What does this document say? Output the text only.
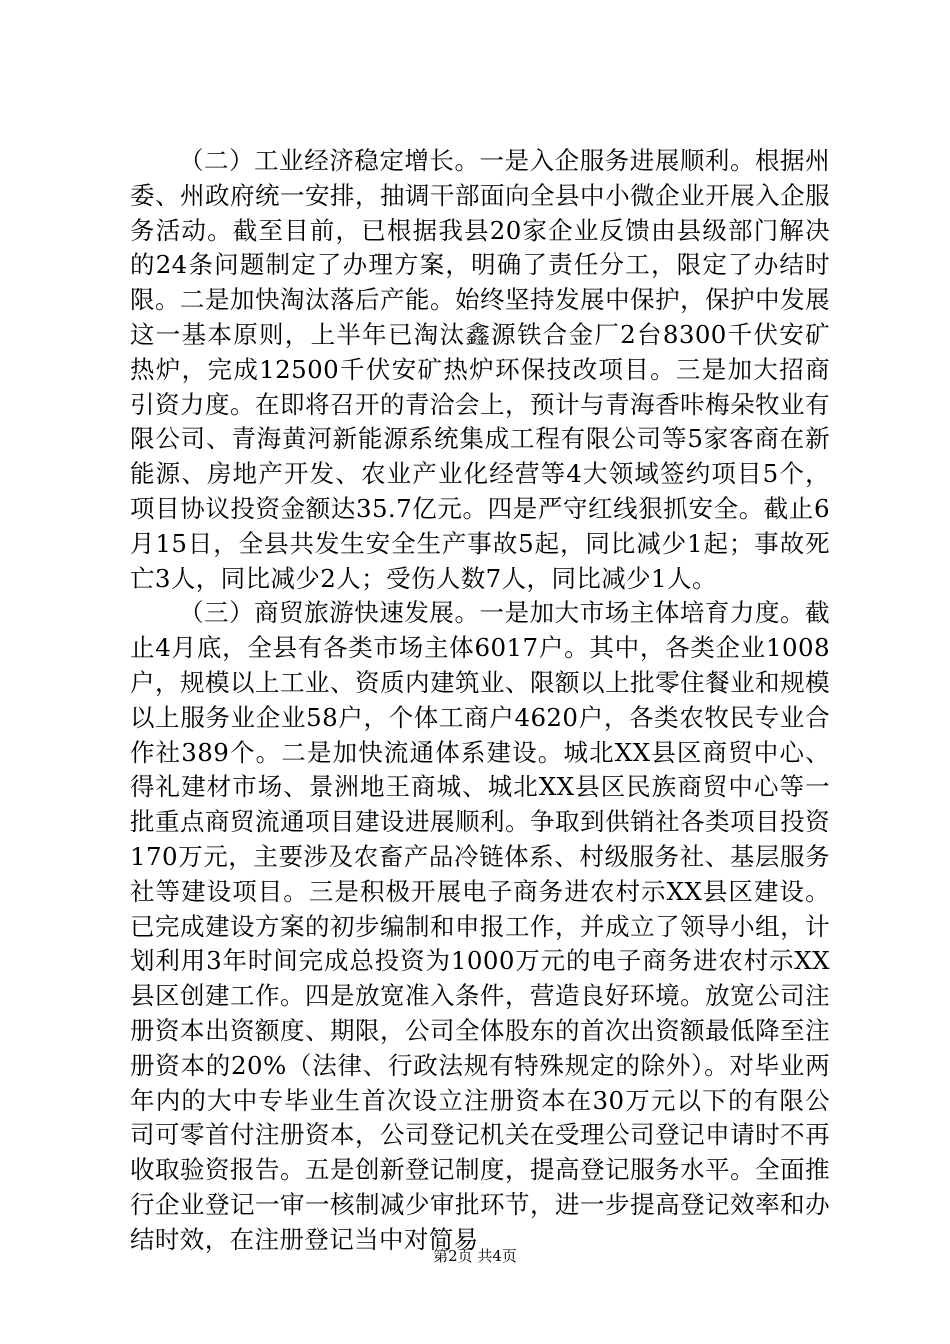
（二）工业经济稳定增长。一是入企服务进展顺利。根据州委、州政府统一安排，抽调干部面向全县中小微企业开展入企服务活动。截至目前，已根据我县20家企业反馈由县级部门解决的24条问题制定了办理方案，明确了责任分工，限定了办结时限。二是加快淘汰落后产能。始终坚持发展中保护，保护中发展这一基本原则，上半年已淘汰鑫源铁合金厂2台8300千伏安矿热炉，完成12500千伏安矿热炉环保技改项目。三是加大招商引资力度。在即将召开的青洽会上，预计与青海香咔梅朵牧业有限公司、青海黄河新能源系统集成工程有限公司等5家客商在新能源、房地产开发、农业产业化经营等4大领域签约项目5个，项目协议投资金额达35.7亿元。四是严守红线狠抓安全。截止6月15日，全县共发生安全生产事故5起，同比减少1起；事故死亡3人，同比减少2人；受伤人数7人，同比减少1人。

（三）商贸旅游快速发展。一是加大市场主体培育力度。截止4月底，全县有各类市场主体6017户。其中，各类企业1008户，规模以上工业、资质内建筑业、限额以上批零住餐业和规模以上服务业企业58户，个体工商户4620户，各类农牧民专业合作社389个。二是加快流通体系建设。城北XX县区商贸中心、得礼建材市场、景洲地王商城、城北XX县区民族商贸中心等一批重点商贸流通项目建设进展顺利。争取到供销社各类项目投资170万元，主要涉及农畜产品冷链体系、村级服务社、基层服务社等建设项目。三是积极开展电子商务进农村示XX县区建设。已完成建设方案的初步编制和申报工作，并成立了领导小组，计划利用3年时间完成总投资为1000万元的电子商务进农村示XX县区创建工作。四是放宽准入条件，营造良好环境。放宽公司注册资本出资额度、期限，公司全体股东的首次出资额最低降至注册资本的20%（法律、行政法规有特殊规定的除外）。对毕业两年内的大中专毕业生首次设立注册资本在30万元以下的有限公司可零首付注册资本，公司登记机关在受理公司登记申请时不再收取验资报告。五是创新登记制度，提高登记服务水平。全面推行企业登记一审一核制减少审批环节，进一步提高登记效率和办结时效，在注册登记当中对简易

第2页 共4页
